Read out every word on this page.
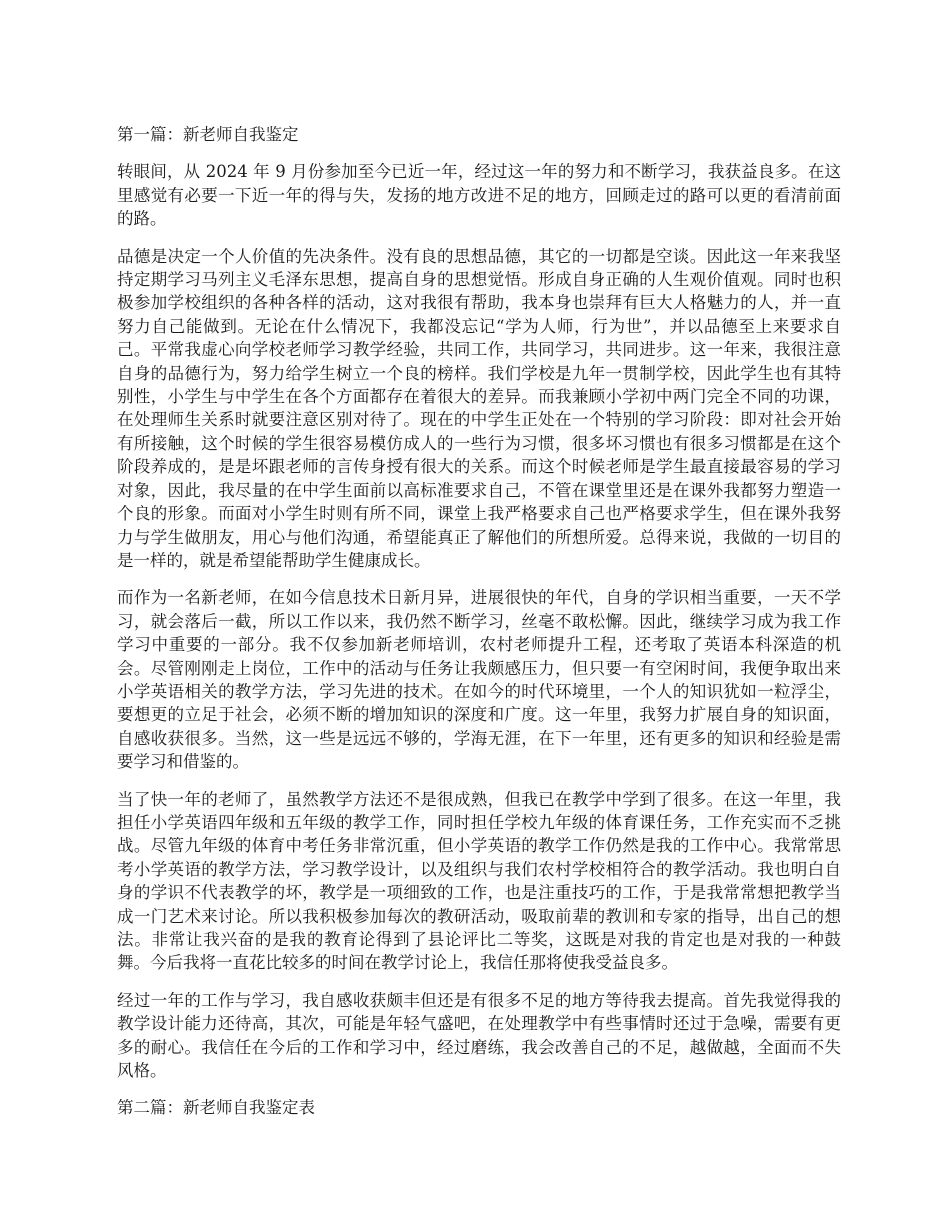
第一篇：新老师自我鉴定

转眼间，从 2024 年 9 月份参加至今已近一年，经过这一年的努力和不断学习，我获益良多。在这里感觉有必要一下近一年的得与失，发扬的地方改进不足的地方，回顾走过的路可以更的看清前面的路。

品德是决定一个人价值的先决条件。没有良的思想品德，其它的一切都是空谈。因此这一年来我坚持定期学习马列主义毛泽东思想，提高自身的思想觉悟。形成自身正确的人生观价值观。同时也积极参加学校组织的各种各样的活动，这对我很有帮助，我本身也崇拜有巨大人格魅力的人，并一直努力自己能做到。无论在什么情况下，我都没忘记“学为人师，行为世”，并以品德至上来要求自己。平常我虚心向学校老师学习教学经验，共同工作，共同学习，共同进步。这一年来，我很注意自身的品德行为，努力给学生树立一个良的榜样。我们学校是九年一贯制学校，因此学生也有其特别性，小学生与中学生在各个方面都存在着很大的差异。而我兼顾小学初中两门完全不同的功课，在处理师生关系时就要注意区别对待了。现在的中学生正处在一个特别的学习阶段：即对社会开始有所接触，这个时候的学生很容易模仿成人的一些行为习惯，很多坏习惯也有很多习惯都是在这个阶段养成的，是是坏跟老师的言传身授有很大的关系。而这个时候老师是学生最直接最容易的学习对象，因此，我尽量的在中学生面前以高标准要求自己，不管在课堂里还是在课外我都努力塑造一个良的形象。而面对小学生时则有所不同，课堂上我严格要求自己也严格要求学生，但在课外我努力与学生做朋友，用心与他们沟通，希望能真正了解他们的所想所爱。总得来说，我做的一切目的是一样的，就是希望能帮助学生健康成长。

而作为一名新老师，在如今信息技术日新月异，进展很快的年代，自身的学识相当重要，一天不学习，就会落后一截，所以工作以来，我仍然不断学习，丝毫不敢松懈。因此，继续学习成为我工作学习中重要的一部分。我不仅参加新老师培训，农村老师提升工程，还考取了英语本科深造的机会。尽管刚刚走上岗位，工作中的活动与任务让我颇感压力，但只要一有空闲时间，我便争取出来小学英语相关的教学方法，学习先进的技术。在如今的时代环境里，一个人的知识犹如一粒浮尘，要想更的立足于社会，必须不断的增加知识的深度和广度。这一年里，我努力扩展自身的知识面，自感收获很多。当然，这一些是远远不够的，学海无涯，在下一年里，还有更多的知识和经验是需要学习和借鉴的。

当了快一年的老师了，虽然教学方法还不是很成熟，但我已在教学中学到了很多。在这一年里，我担任小学英语四年级和五年级的教学工作，同时担任学校九年级的体育课任务，工作充实而不乏挑战。尽管九年级的体育中考任务非常沉重，但小学英语的教学工作仍然是我的工作中心。我常常思考小学英语的教学方法，学习教学设计，以及组织与我们农村学校相符合的教学活动。我也明白自身的学识不代表教学的坏，教学是一项细致的工作，也是注重技巧的工作，于是我常常想把教学当成一门艺术来讨论。所以我积极参加每次的教研活动，吸取前辈的教训和专家的指导，出自己的想法。非常让我兴奋的是我的教育论得到了县论评比二等奖，这既是对我的肯定也是对我的一种鼓舞。今后我将一直花比较多的时间在教学讨论上，我信任那将使我受益良多。

经过一年的工作与学习，我自感收获颇丰但还是有很多不足的地方等待我去提高。首先我觉得我的教学设计能力还待高，其次，可能是年轻气盛吧，在处理教学中有些事情时还过于急噪，需要有更多的耐心。我信任在今后的工作和学习中，经过磨练，我会改善自己的不足，越做越，全面而不失风格。

第二篇：新老师自我鉴定表
